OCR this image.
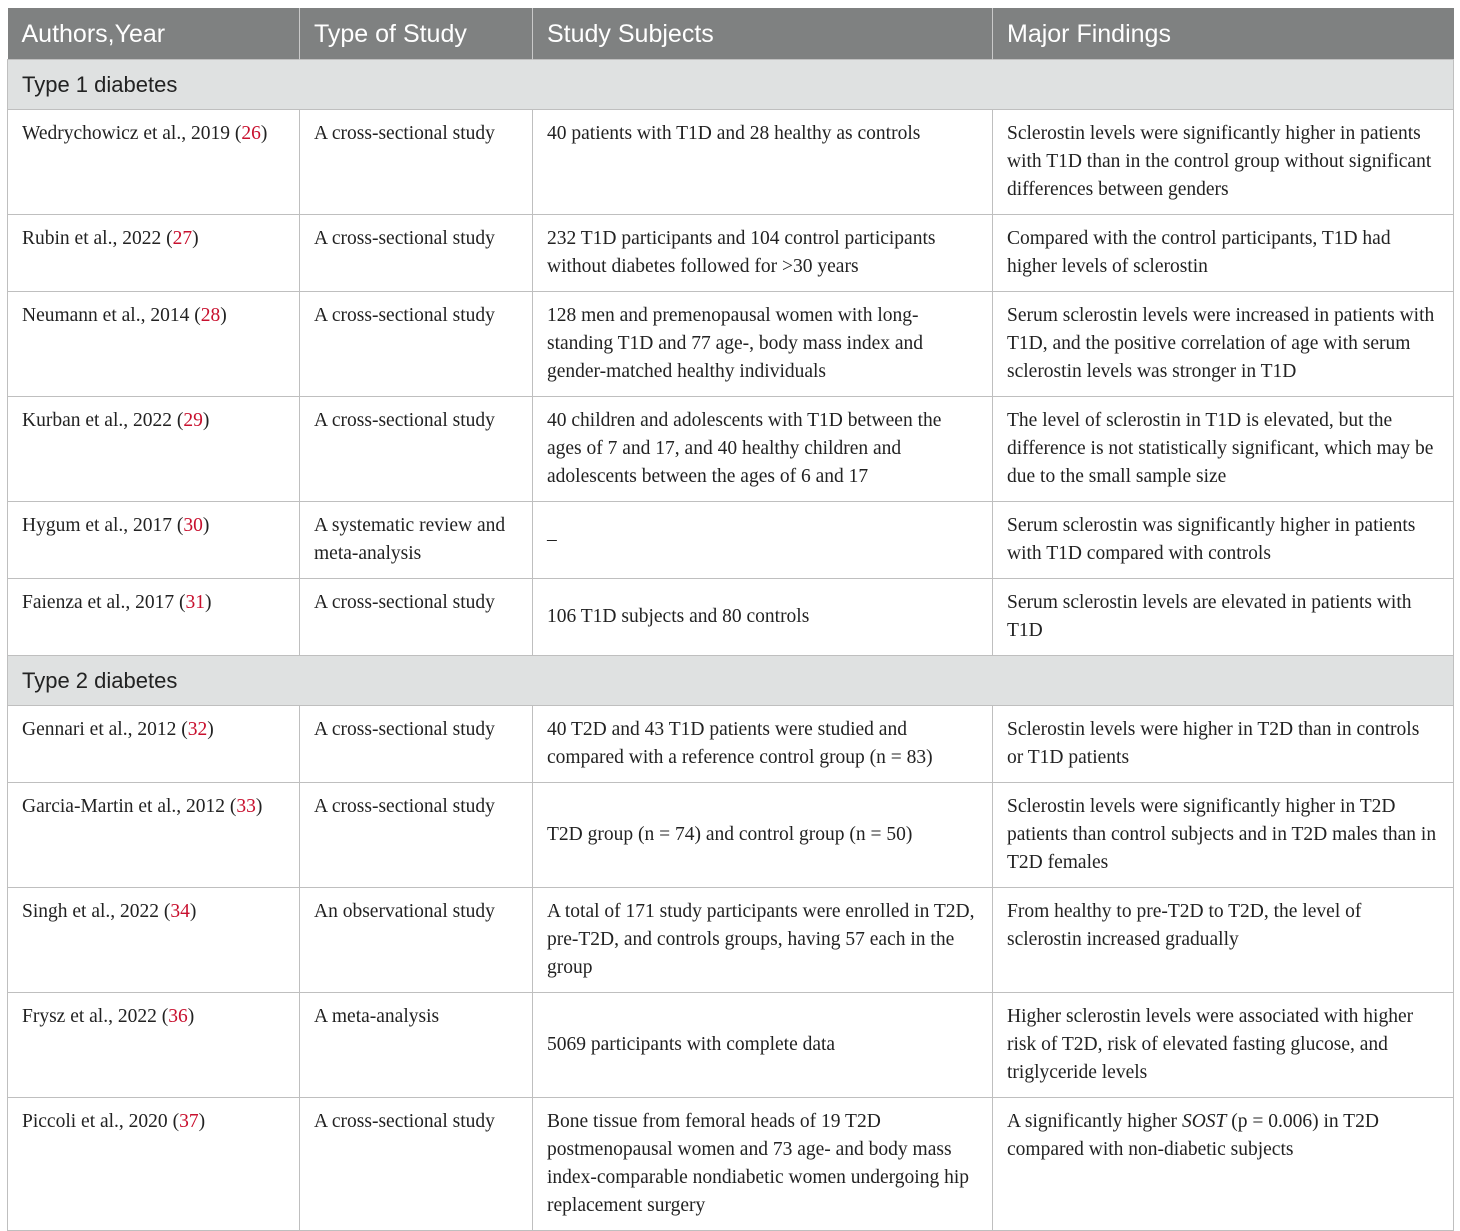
Authors,Year	Type of Study	Study Subjects	Major Findings
Type 1 diabetes			
Wedrychowicz et al., 2019 (26)	A cross-sectional study	40 patients with T1D and 28 healthy as controls	Sclerostin levels were significantly higher in patients with T1D than in the control group without significant differences between genders
Rubin et al., 2022 (27)	A cross-sectional study	232 T1D participants and 104 control participants without diabetes followed for >30 years	Compared with the control participants, T1D had higher levels of sclerostin
Neumann et al., 2014 (28)	A cross-sectional study	128 men and premenopausal women with long-standing T1D and 77 age-, body mass index and gender-matched healthy individuals	Serum sclerostin levels were increased in patients with T1D, and the positive correlation of age with serum sclerostin levels was stronger in T1D
Kurban et al., 2022 (29)	A cross-sectional study	40 children and adolescents with T1D between the ages of 7 and 17, and 40 healthy children and adolescents between the ages of 6 and 17	The level of sclerostin in T1D is elevated, but the difference is not statistically significant, which may be due to the small sample size
Hygum et al., 2017 (30)	A systematic review and meta-analysis	–	Serum sclerostin was significantly higher in patients with T1D compared with controls
Faienza et al., 2017 (31)	A cross-sectional study	106 T1D subjects and 80 controls	Serum sclerostin levels are elevated in patients with T1D
Type 2 diabetes			
Gennari et al., 2012 (32)	A cross-sectional study	40 T2D and 43 T1D patients were studied and compared with a reference control group (n = 83)	Sclerostin levels were higher in T2D than in controls or T1D patients
Garcia-Martin et al., 2012 (33)	A cross-sectional study	T2D group (n = 74) and control group (n = 50)	Sclerostin levels were significantly higher in T2D patients than control subjects and in T2D males than in T2D females
Singh et al., 2022 (34)	An observational study	A total of 171 study participants were enrolled in T2D, pre-T2D, and controls groups, having 57 each in the group	From healthy to pre-T2D to T2D, the level of sclerostin increased gradually
Frysz et al., 2022 (36)	A meta-analysis	5069 participants with complete data	Higher sclerostin levels were associated with higher risk of T2D, risk of elevated fasting glucose, and triglyceride levels
Piccoli et al., 2020 (37)	A cross-sectional study	Bone tissue from femoral heads of 19 T2D postmenopausal women and 73 age- and body mass index-comparable nondiabetic women undergoing hip replacement surgery	A significantly higher SOST (p = 0.006) in T2D compared with non-diabetic subjects
